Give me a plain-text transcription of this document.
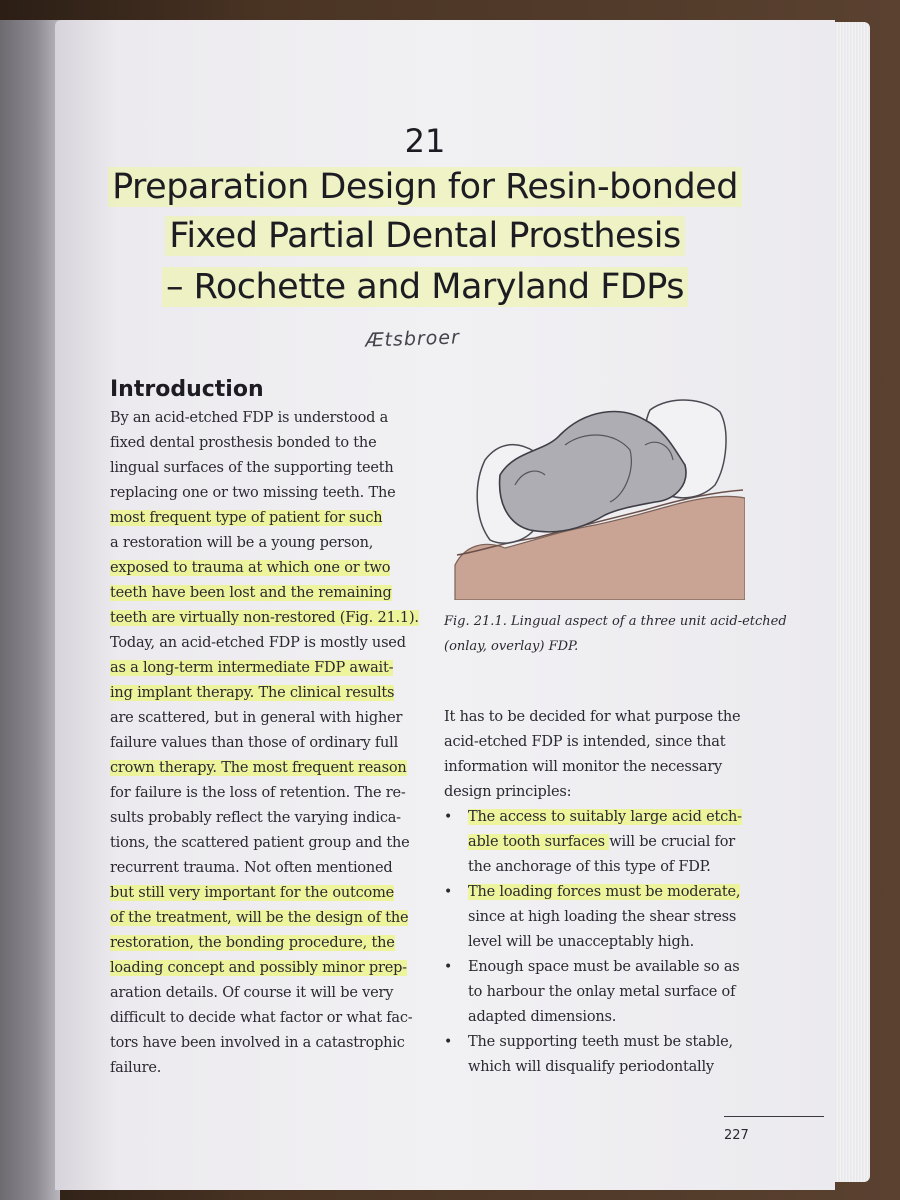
21
Preparation Design for Resin-bonded
Fixed Partial Dental Prosthesis
– Rochette and Maryland FDPs
Ætsbroer
Introduction
By an acid-etched FDP is understood a
fixed dental prosthesis bonded to the
lingual surfaces of the supporting teeth
replacing one or two missing teeth. The
most frequent type of patient for such
a restoration will be a young person,
exposed to trauma at which one or two
teeth have been lost and the remaining
teeth are virtually non-restored (Fig. 21.1).
Today, an acid-etched FDP is mostly used
as a long-term intermediate FDP await-
ing implant therapy. The clinical results
are scattered, but in general with higher
failure values than those of ordinary full
crown therapy. The most frequent reason
for failure is the loss of retention. The re-
sults probably reflect the varying indica-
tions, the scattered patient group and the
recurrent trauma. Not often mentioned
but still very important for the outcome
of the treatment, will be the design of the
restoration, the bonding procedure, the
loading concept and possibly minor prep-
aration details. Of course it will be very
difficult to decide what factor or what fac-
tors have been involved in a catastrophic
failure.
Fig. 21.1. Lingual aspect of a three unit acid-etched
(onlay, overlay) FDP.
It has to be decided for what purpose the
acid-etched FDP is intended, since that
information will monitor the necessary
design principles:
• The access to suitably large acid etch-
able tooth surfaces will be crucial for
the anchorage of this type of FDP.
• The loading forces must be moderate,
since at high loading the shear stress
level will be unacceptably high.
• Enough space must be available so as
to harbour the onlay metal surface of
adapted dimensions.
• The supporting teeth must be stable,
which will disqualify periodontally
227
